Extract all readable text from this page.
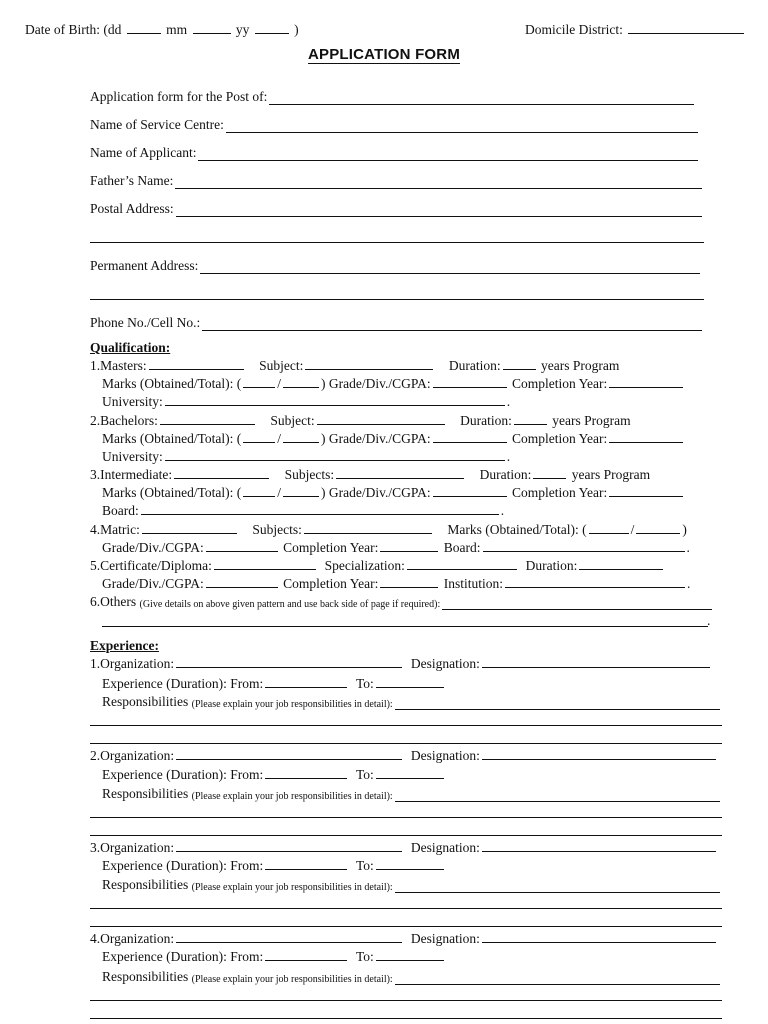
Date of Birth: (dd	mm	yy	)	Domicile District:
APPLICATION FORM
Application form for the Post of:
Name of Service Centre:
Name of Applicant:
Father’s Name:
Postal Address:
Permanent Address:
Phone No./Cell No.:
Qualification:
1.Masters:	Subject:	Duration:	years Program
Marks (Obtained/Total): (	/	) Grade/Div./CGPA:	Completion Year:
University:	.
2.Bachelors:	Subject:	Duration:	years Program
Marks (Obtained/Total): (	/	) Grade/Div./CGPA:	Completion Year:
University:	.
3.Intermediate:	Subjects:	Duration:	years Program
Marks (Obtained/Total): (	/	) Grade/Div./CGPA:	Completion Year:
Board:	.
4.Matric:	Subjects:	Marks (Obtained/Total): (	/	)
Grade/Div./CGPA:	Completion Year:	Board:	.
5.Certificate/Diploma:	Specialization:	Duration:
Grade/Div./CGPA:	Completion Year:	Institution:	.
6.Others
(Give details on above given pattern and use back side of page if required):
.
Experience:
1.Organization:	Designation:
Experience (Duration): From:	To:
Responsibilities
(Please explain your job responsibilities in detail):
2.Organization:	Designation:
Experience (Duration): From:	To:
Responsibilities
(Please explain your job responsibilities in detail):
3.Organization:	Designation:
Experience (Duration): From:	To:
Responsibilities
(Please explain your job responsibilities in detail):
4.Organization:	Designation:
Experience (Duration): From:	To:
Responsibilities
(Please explain your job responsibilities in detail):
